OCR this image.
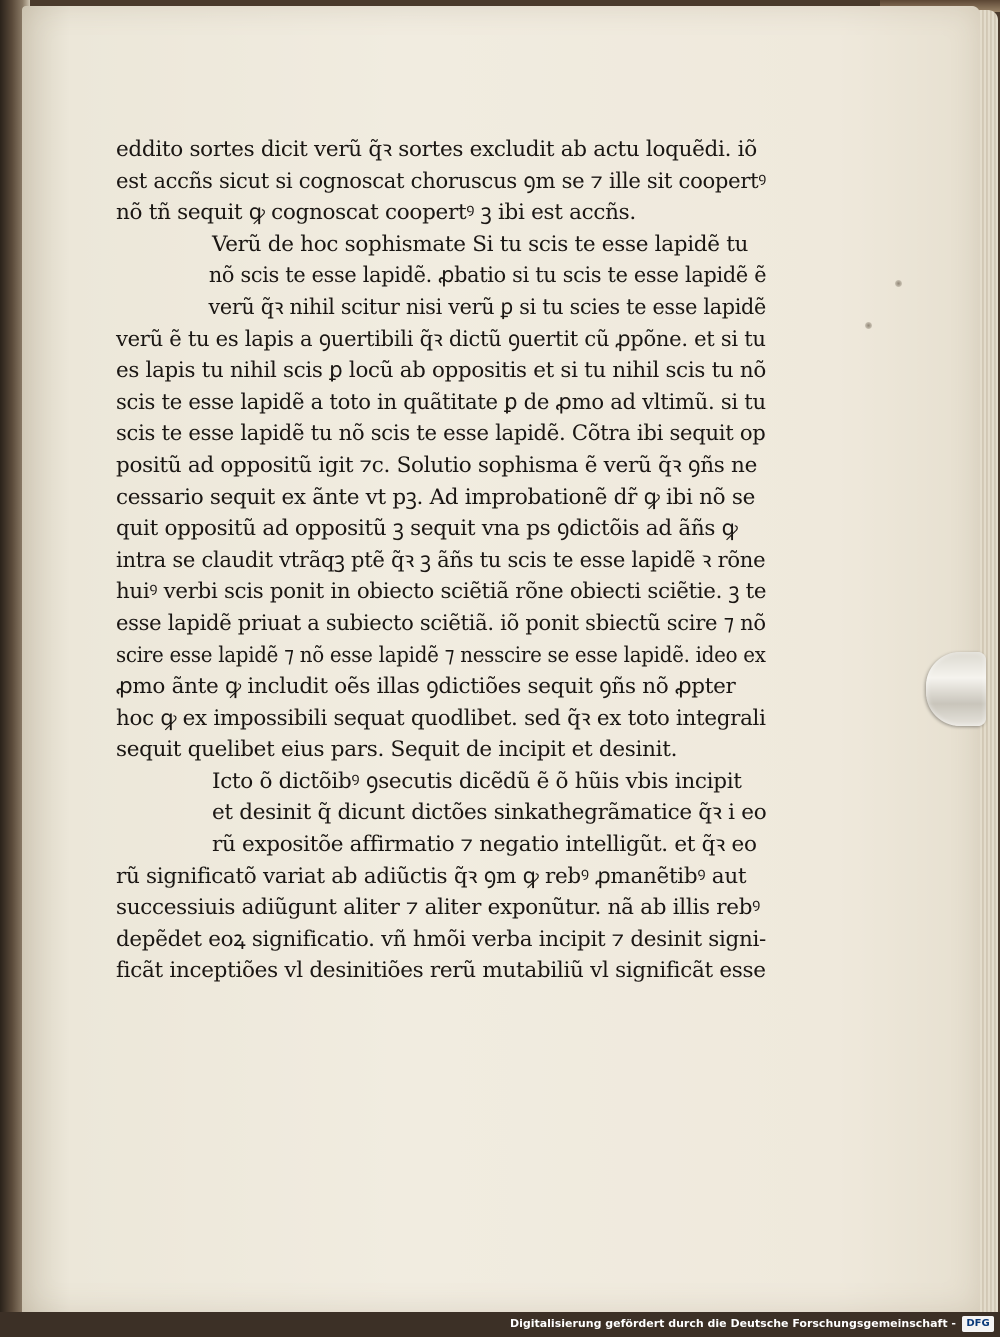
eddito sortes dicit verũ q̃ꝛ sortes excludit ab actu loquẽdi. iõ
est accñs sicut si cognoscat choruscus ꝯm se ⁊ ille sit coopertꝰ
nõ tñ sequit ꝙ cognoscat coopertꝰ ꝫ ibi est accñs.
Verũ de hoc sophismate Si tu scis te esse lapidẽ tu
nõ scis te esse lapidẽ. ꝓbatio si tu scis te esse lapidẽ ẽ
verũ q̃ꝛ nihil scitur nisi verũ ꝑ si tu scies te esse lapidẽ
verũ ẽ tu es lapis a ꝯuertibili q̃ꝛ dictũ ꝯuertit cũ ꝓpõne. et si tu
es lapis tu nihil scis ꝑ locũ ab oppositis et si tu nihil scis tu nõ
scis te esse lapidẽ a toto in quãtitate ꝑ de ꝓmo ad vltimũ. si tu
scis te esse lapidẽ tu nõ scis te esse lapidẽ. Cõtra ibi sequit op
positũ ad oppositũ igit ⁊c. Solutio sophisma ẽ verũ q̃ꝛ ꝯñs ne
cessario sequit ex ãnte vt pꝫ. Ad improbationẽ dr̃ ꝙ ibi nõ se
quit oppositũ ad oppositũ ꝫ sequit vna ps ꝯdictõis ad ãñs ꝙ
intra se claudit vtrãqꝫ ptẽ q̃ꝛ ꝫ ãñs tu scis te esse lapidẽ ꝛ rõne
huiꝰ verbi scis ponit in obiecto sciẽtiã rõne obiecti sciẽtie. ꝫ te
esse lapidẽ priuat a subiecto sciẽtiã. iõ ponit sbiectũ scire ⁊ nõ
scire esse lapidẽ ⁊ nõ esse lapidẽ ⁊ nesscire se esse lapidẽ. ideo ex
ꝓmo ãnte ꝙ includit oẽs illas ꝯdictiões sequit ꝯñs nõ ꝓpter
hoc ꝙ ex impossibili sequat quodlibet. sed q̃ꝛ ex toto integrali
sequit quelibet eius pars. Sequit de incipit et desinit.
Icto õ dictõibꝰ ꝯsecutis dicẽdũ ẽ õ hũis vbis incipit
et desinit q̃ dicunt dictões sinkathegrãmatice q̃ꝛ i eo
rũ expositõe affirmatio ⁊ negatio intelligũt. et q̃ꝛ eo
rũ significatõ variat ab adiũctis q̃ꝛ ꝯm ꝙ rebꝰ ꝓmanẽtibꝰ aut
successiuis adiũgunt aliter ⁊ aliter exponũtur. nã ab illis rebꝰ
depẽdet eoꝝ significatio. vñ hmõi verba incipit ⁊ desinit signi-
ficãt inceptiões vl desinitiões rerũ mutabiliũ vl significãt esse
Digitalisierung gefördert durch die Deutsche Forschungsgemeinschaft -	DFG
